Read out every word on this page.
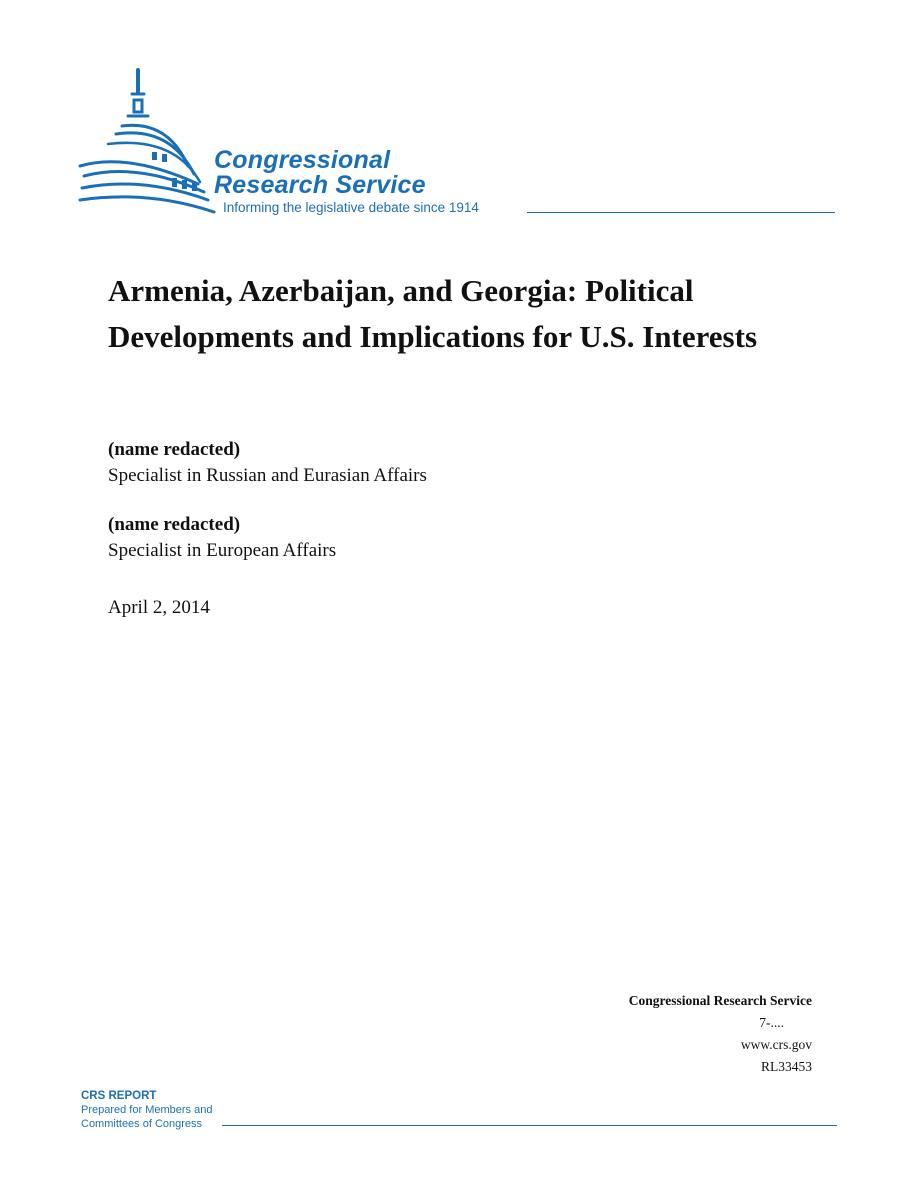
Congressional
Research Service
Informing the legislative debate since 1914
Armenia, Azerbaijan, and Georgia: Political Developments and Implications for U.S. Interests
(name redacted)
Specialist in Russian and Eurasian Affairs
(name redacted)
Specialist in European Affairs
April 2, 2014
Congressional Research Service
7-....
www.crs.gov
RL33453
CRS REPORT
Prepared for Members and
Committees of Congress
